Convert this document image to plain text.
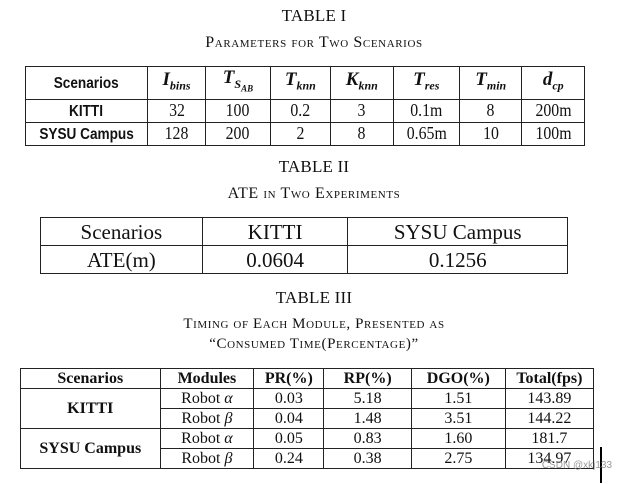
TABLE I
Parameters for Two Scenarios
Scenarios	$I_{bins}$	$T_{S_{AB}}$	$T_{knn}$	$K_{knn}$	$T_{res}$	$T_{min}$	$d_{cp}$
KITTI	32	100	0.2	3	0.1m	8	200m
SYSU Campus	128	200	2	8	0.65m	10	100m
TABLE II
ATE in Two Experiments
Scenarios	KITTI	SYSU Campus
ATE(m)	0.0604	0.1256
TABLE III
Timing of Each Module, Presented as
“Consumed Time(Percentage)”
Scenarios	Modules	PR(%)	RP(%)	DGO(%)	Total(fps)
KITTI	Robot α	0.03	5.18	1.51	143.89
	Robot β	0.04	1.48	3.51	144.22
SYSU Campus	Robot α	0.05	0.83	1.60	181.7
	Robot β	0.24	0.38	2.75	134.97
CSDN @xkj133
